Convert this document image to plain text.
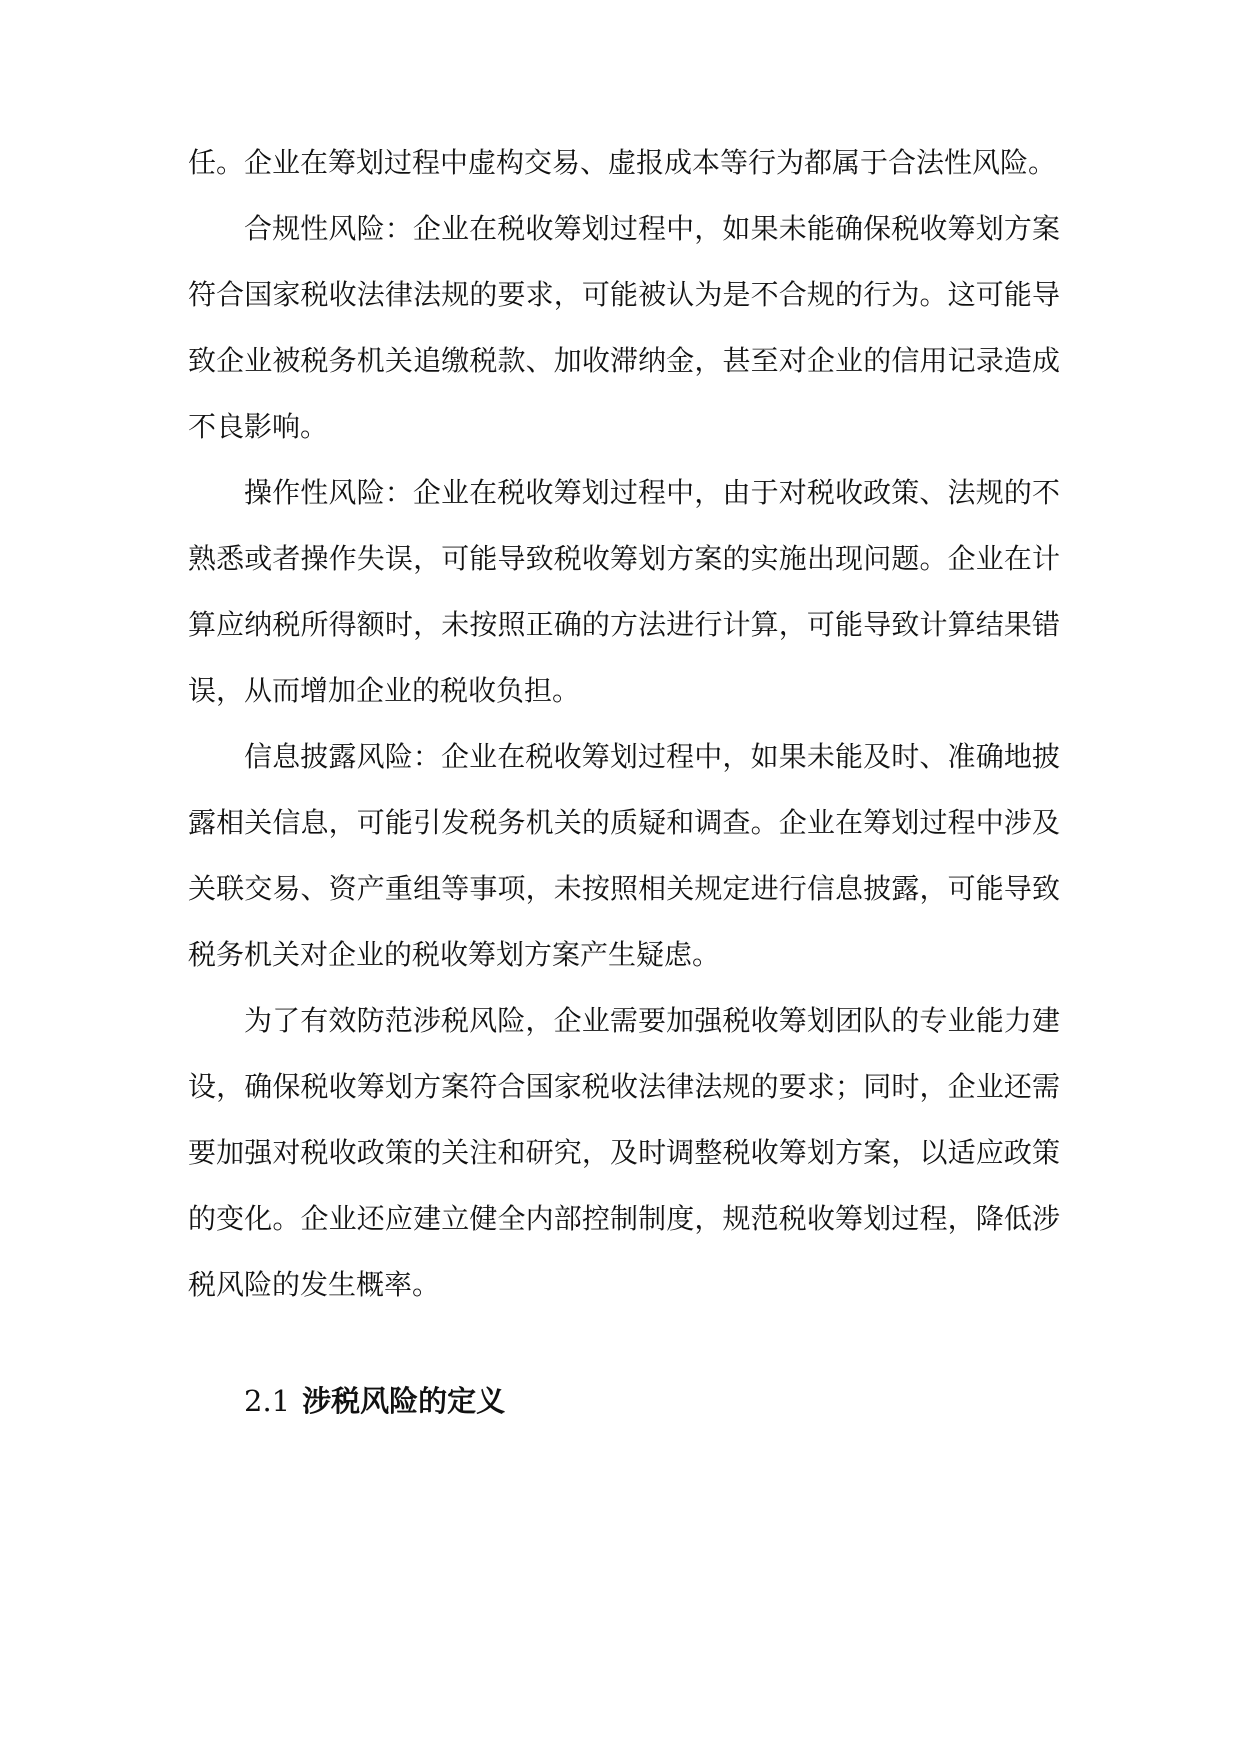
任。企业在筹划过程中虚构交易、虚报成本等行为都属于合法性风险。

合规性风险：企业在税收筹划过程中，如果未能确保税收筹划方案符合国家税收法律法规的要求，可能被认为是不合规的行为。这可能导致企业被税务机关追缴税款、加收滞纳金，甚至对企业的信用记录造成不良影响。

操作性风险：企业在税收筹划过程中，由于对税收政策、法规的不熟悉或者操作失误，可能导致税收筹划方案的实施出现问题。企业在计算应纳税所得额时，未按照正确的方法进行计算，可能导致计算结果错误，从而增加企业的税收负担。

信息披露风险：企业在税收筹划过程中，如果未能及时、准确地披露相关信息，可能引发税务机关的质疑和调查。企业在筹划过程中涉及关联交易、资产重组等事项，未按照相关规定进行信息披露，可能导致税务机关对企业的税收筹划方案产生疑虑。

为了有效防范涉税风险，企业需要加强税收筹划团队的专业能力建设，确保税收筹划方案符合国家税收法律法规的要求；同时，企业还需要加强对税收政策的关注和研究，及时调整税收筹划方案，以适应政策的变化。企业还应建立健全内部控制制度，规范税收筹划过程，降低涉税风险的发生概率。

2.1 涉税风险的定义
